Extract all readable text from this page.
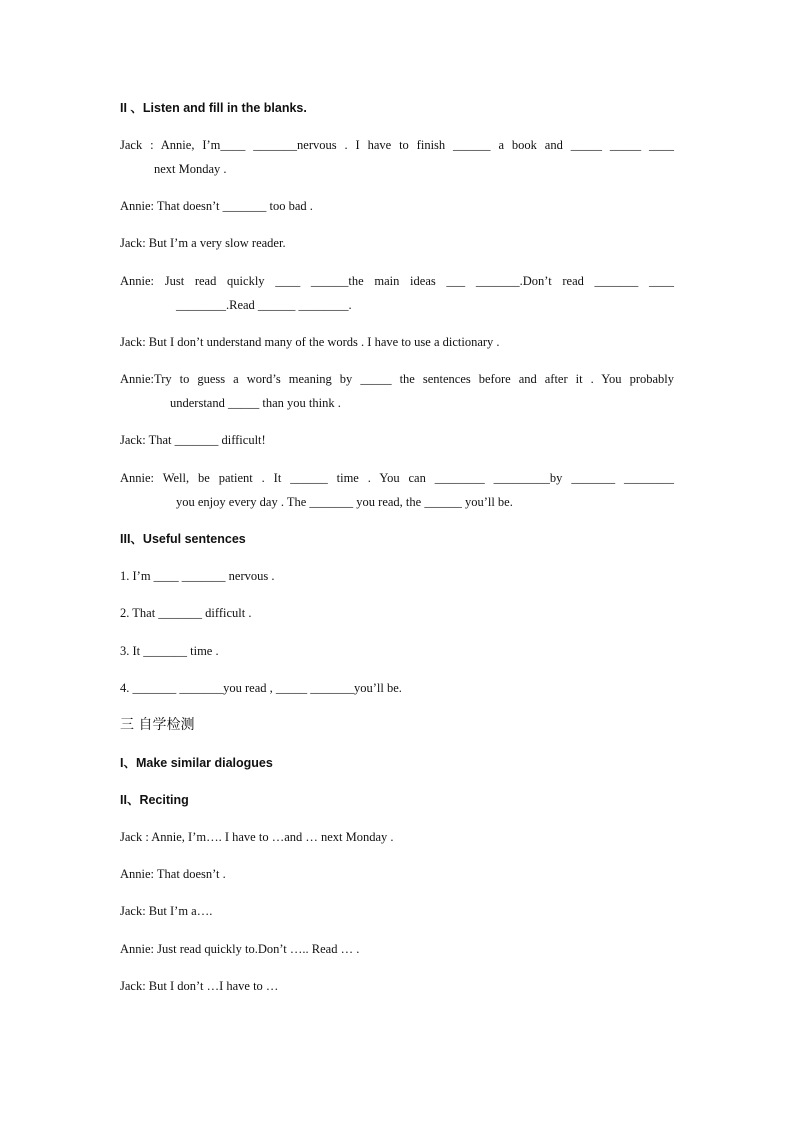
II 、Listen and fill in the blanks.
Jack : Annie, I’m____ _______nervous . I have to finish ______ a book and _____ _____ ____
next Monday .
Annie: That doesn’t _______ too bad .
Jack: But I’m a very slow reader.
Annie: Just read quickly ____ ______the main ideas ___ _______.Don’t read _______ ____
________.Read ______ ________.
Jack: But I don’t understand many of the words . I have to use a dictionary .
Annie:Try to guess a word’s meaning by _____ the sentences before and after it . You probably
understand _____ than you think .
Jack: That _______ difficult!
Annie: Well, be patient . It ______ time . You can ________ _________by _______ ________
you enjoy every day . The _______ you read, the ______ you’ll be.
III、Useful sentences
1. I’m ____ _______ nervous .
2. That _______ difficult .
3. It _______ time .
4. _______ _______you read , _____ _______you’ll be.
三 自学检测
I、Make similar dialogues
II、Reciting
Jack : Annie, I’m…. I have to …and … next Monday .
Annie: That doesn’t .
Jack: But I’m a….
Annie: Just read quickly to.Don’t ….. Read … .
Jack: But I don’t …I have to …
